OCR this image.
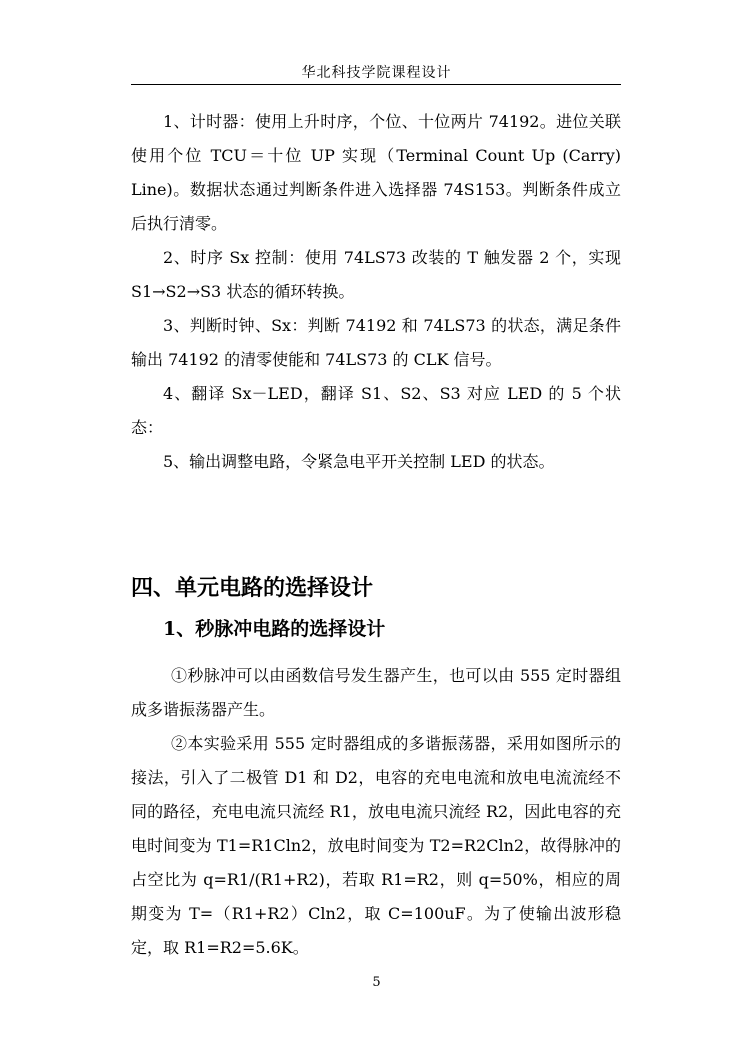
华北科技学院课程设计

1、计时器：使用上升时序，个位、十位两片 74192。进位关联使用个位 TCU＝十位 UP 实现（Terminal Count Up (Carry) Line)。数据状态通过判断条件进入选择器 74S153。判断条件成立后执行清零。

2、时序 Sx 控制：使用 74LS73 改装的 T 触发器 2 个，实现 S1→S2→S3 状态的循环转换。

3、判断时钟、Sx：判断 74192 和 74LS73 的状态，满足条件输出 74192 的清零使能和 74LS73 的 CLK 信号。

4、翻译 Sx－LED，翻译 S1、S2、S3 对应 LED 的 5 个状态：

5、输出调整电路，令紧急电平开关控制 LED 的状态。

四、单元电路的选择设计
1、秒脉冲电路的选择设计

①秒脉冲可以由函数信号发生器产生，也可以由 555 定时器组成多谐振荡器产生。

②本实验采用 555 定时器组成的多谐振荡器，采用如图所示的接法，引入了二极管 D1 和 D2，电容的充电电流和放电电流流经不同的路径，充电电流只流经 R1，放电电流只流经 R2，因此电容的充电时间变为 T1=R1Cln2，放电时间变为 T2=R2Cln2，故得脉冲的占空比为 q=R1/(R1+R2)，若取 R1=R2，则 q=50%，相应的周期变为 T=（R1+R2）Cln2，取 C=100uF。为了使输出波形稳定，取 R1=R2=5.6K。

5
